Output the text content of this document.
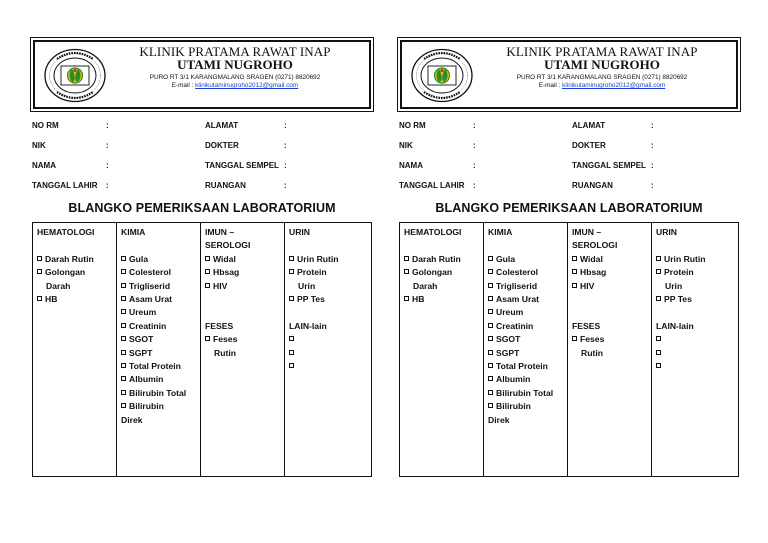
KLINIK PRATAMA RAWAT INAP
UTAMI NUGROHO
PURO RT 3/1 KARANGMALANG SRAGEN (0271) 8820692
E-mail : klinikutaminugroho2012@gmail.com
NO RM	:
NIK	:
NAMA	:
TANGGAL LAHIR :
ALAMAT	:
DOKTER	:
TANGGAL SEMPEL :
RUANGAN	:
BLANGKO PEMERIKSAAN LABORATORIUM
HEMATOLOGI
Darah Rutin
Golongan
Darah
HB
KIMIA
Gula
Colesterol
Trigliserid
Asam Urat
Ureum
Creatinin
SGOT
SGPT
Total Protein
Albumin
Bilirubin Total
Bilirubin
Direk
IMUN –
SEROLOGI
Widal
Hbsag
HIV
FESES
Feses
Rutin
URIN
Urin Rutin
Protein
Urin
PP Tes
LAIN-lain
KLINIK PRATAMA RAWAT INAP
UTAMI NUGROHO
PURO RT 3/1 KARANGMALANG SRAGEN (0271) 8820692
E-mail : klinikutaminugroho2012@gmail.com
NO RM	:
NIK	:
NAMA	:
TANGGAL LAHIR :
ALAMAT	:
DOKTER	:
TANGGAL SEMPEL :
RUANGAN	:
BLANGKO PEMERIKSAAN LABORATORIUM
HEMATOLOGI
Darah Rutin
Golongan
Darah
HB
KIMIA
Gula
Colesterol
Trigliserid
Asam Urat
Ureum
Creatinin
SGOT
SGPT
Total Protein
Albumin
Bilirubin Total
Bilirubin
Direk
IMUN –
SEROLOGI
Widal
Hbsag
HIV
FESES
Feses
Rutin
URIN
Urin Rutin
Protein
Urin
PP Tes
LAIN-lain
